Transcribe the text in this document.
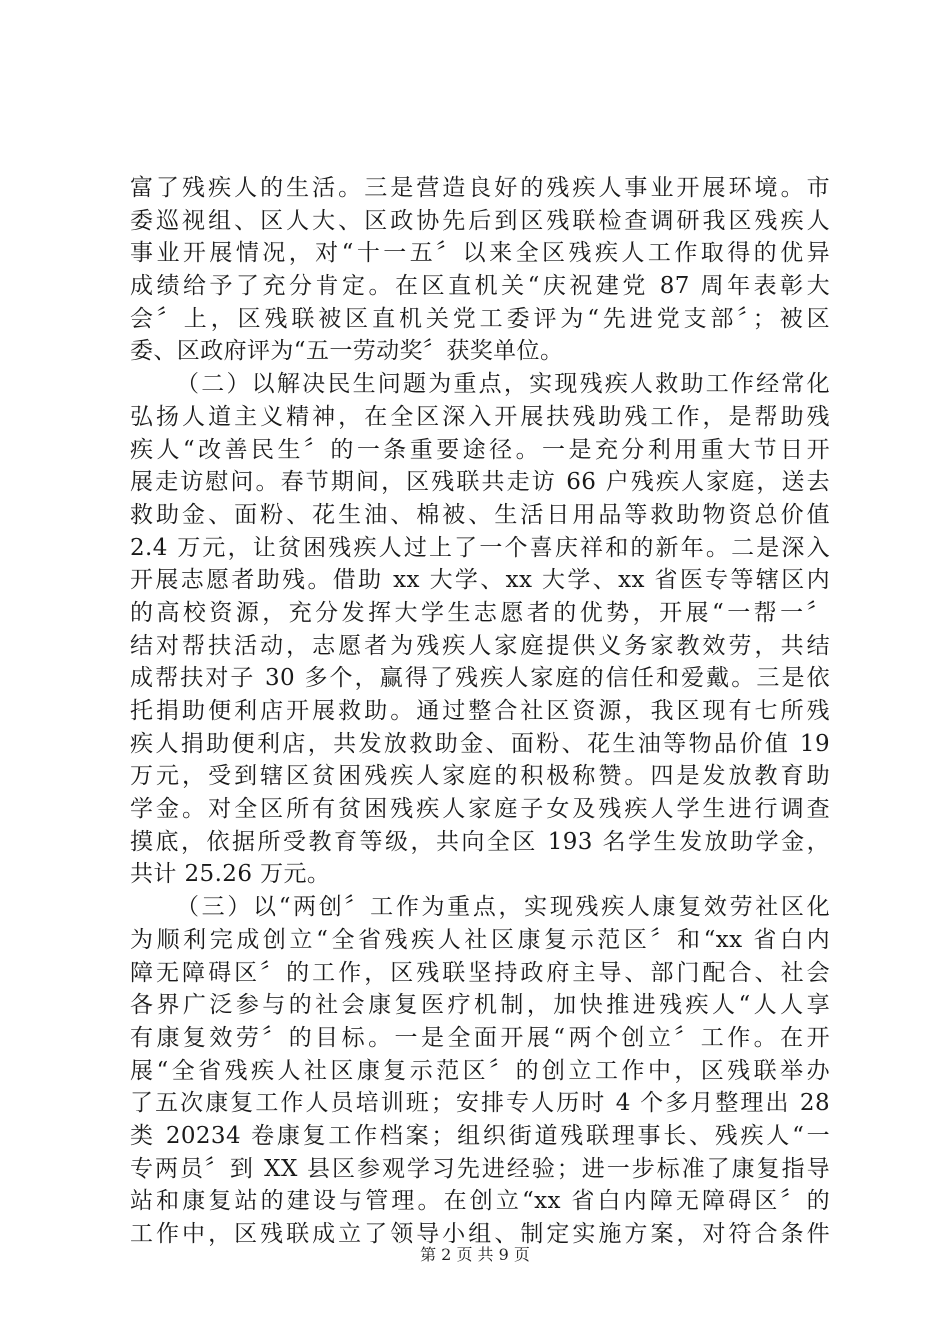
富了残疾人的生活。三是营造良好的残疾人事业开展环境。市
委巡视组、区人大、区政协先后到区残联检查调研我区残疾人
事业开展情况，对“十一五〞以来全区残疾人工作取得的优异
成绩给予了充分肯定。在区直机关“庆祝建党 87 周年表彰大
会〞上，区残联被区直机关党工委评为“先进党支部〞；被区
委、区政府评为“五一劳动奖〞获奖单位。
（二）以解决民生问题为重点，实现残疾人救助工作经常化
弘扬人道主义精神，在全区深入开展扶残助残工作，是帮助残
疾人“改善民生〞的一条重要途径。一是充分利用重大节日开
展走访慰问。春节期间，区残联共走访 66 户残疾人家庭，送去
救助金、面粉、花生油、棉被、生活日用品等救助物资总价值
2.4 万元，让贫困残疾人过上了一个喜庆祥和的新年。二是深入
开展志愿者助残。借助 xx 大学、xx 大学、xx 省医专等辖区内
的高校资源，充分发挥大学生志愿者的优势，开展“一帮一〞
结对帮扶活动，志愿者为残疾人家庭提供义务家教效劳，共结
成帮扶对子 30 多个，赢得了残疾人家庭的信任和爱戴。三是依
托捐助便利店开展救助。通过整合社区资源，我区现有七所残
疾人捐助便利店，共发放救助金、面粉、花生油等物品价值 19
万元，受到辖区贫困残疾人家庭的积极称赞。四是发放教育助
学金。对全区所有贫困残疾人家庭子女及残疾人学生进行调查
摸底，依据所受教育等级，共向全区 193 名学生发放助学金，
共计 25.26 万元。
（三）以“两创〞工作为重点，实现残疾人康复效劳社区化
为顺利完成创立“全省残疾人社区康复示范区〞和“xx 省白内
障无障碍区〞的工作，区残联坚持政府主导、部门配合、社会
各界广泛参与的社会康复医疗机制，加快推进残疾人“人人享
有康复效劳〞的目标。一是全面开展“两个创立〞工作。在开
展“全省残疾人社区康复示范区〞的创立工作中，区残联举办
了五次康复工作人员培训班；安排专人历时 4 个多月整理出 28
类 20234 卷康复工作档案；组织街道残联理事长、残疾人“一
专两员〞到 XX 县区参观学习先进经验；进一步标准了康复指导
站和康复站的建设与管理。在创立“xx 省白内障无障碍区〞的
工作中，区残联成立了领导小组、制定实施方案，对符合条件
第 2 页 共 9 页
